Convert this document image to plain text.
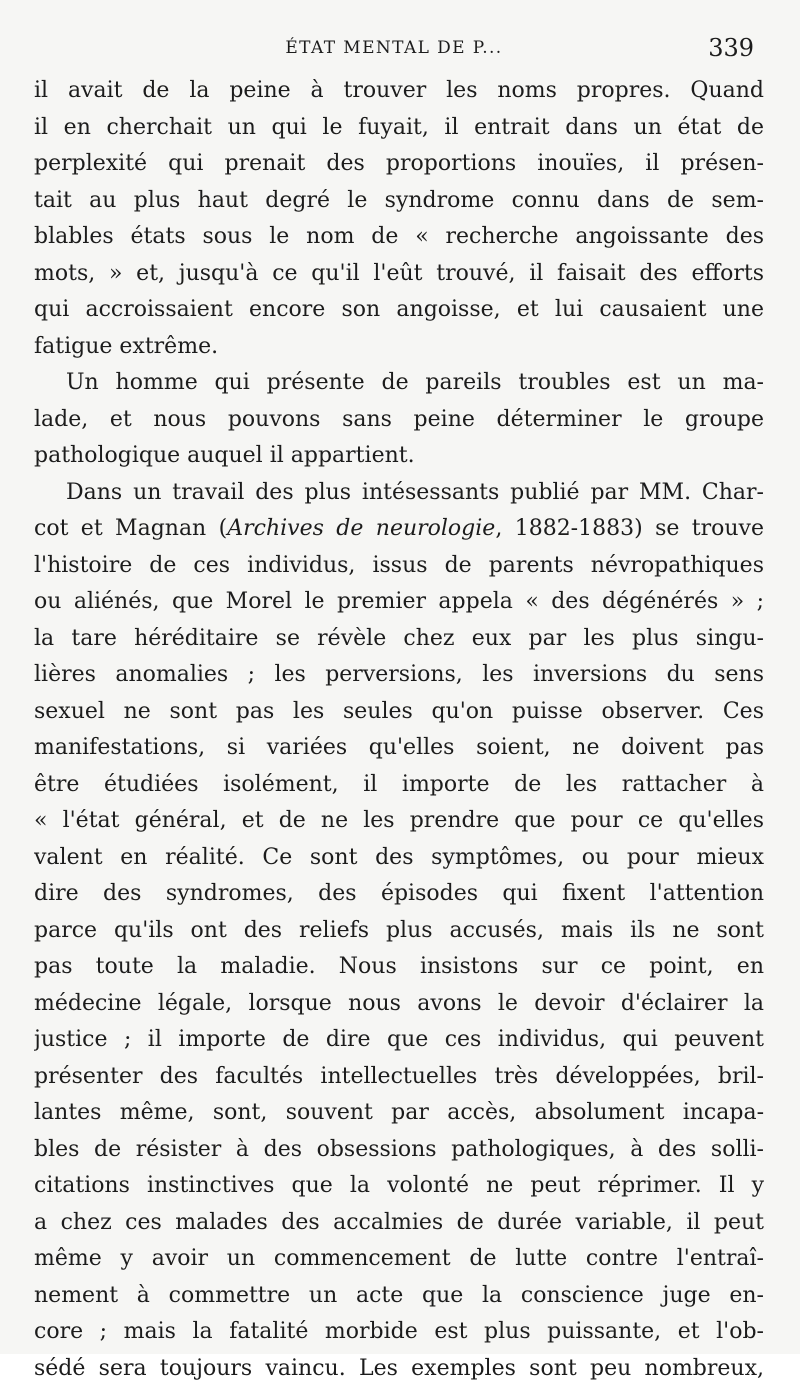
ÉTAT MENTAL DE P...	339
il avait de la peine à trouver les noms propres. Quand
il en cherchait un qui le fuyait, il entrait dans un état de
perplexité qui prenait des proportions inouïes, il présen-
tait au plus haut degré le syndrome connu dans de sem-
blables états sous le nom de « recherche angoissante des
mots, » et, jusqu'à ce qu'il l'eût trouvé, il faisait des efforts
qui accroissaient encore son angoisse, et lui causaient une
fatigue extrême.
Un homme qui présente de pareils troubles est un ma-
lade, et nous pouvons sans peine déterminer le groupe
pathologique auquel il appartient.
Dans un travail des plus intésessants publié par MM. Char-
cot et Magnan (Archives de neurologie, 1882-1883) se trouve
l'histoire de ces individus, issus de parents névropathiques
ou aliénés, que Morel le premier appela « des dégénérés » ;
la tare héréditaire se révèle chez eux par les plus singu-
lières anomalies ; les perversions, les inversions du sens
sexuel ne sont pas les seules qu'on puisse observer. Ces
manifestations, si variées qu'elles soient, ne doivent pas
être étudiées isolément, il importe de les rattacher à
« l'état général, et de ne les prendre que pour ce qu'elles
valent en réalité. Ce sont des symptômes, ou pour mieux
dire des syndromes, des épisodes qui fixent l'attention
parce qu'ils ont des reliefs plus accusés, mais ils ne sont
pas toute la maladie. Nous insistons sur ce point, en
médecine légale, lorsque nous avons le devoir d'éclairer la
justice ; il importe de dire que ces individus, qui peuvent
présenter des facultés intellectuelles très développées, bril-
lantes même, sont, souvent par accès, absolument incapa-
bles de résister à des obsessions pathologiques, à des solli-
citations instinctives que la volonté ne peut réprimer. Il y
a chez ces malades des accalmies de durée variable, il peut
même y avoir un commencement de lutte contre l'entraî-
nement à commettre un acte que la conscience juge en-
core ; mais la fatalité morbide est plus puissante, et l'ob-
sédé sera toujours vaincu. Les exemples sont peu nombreux,
